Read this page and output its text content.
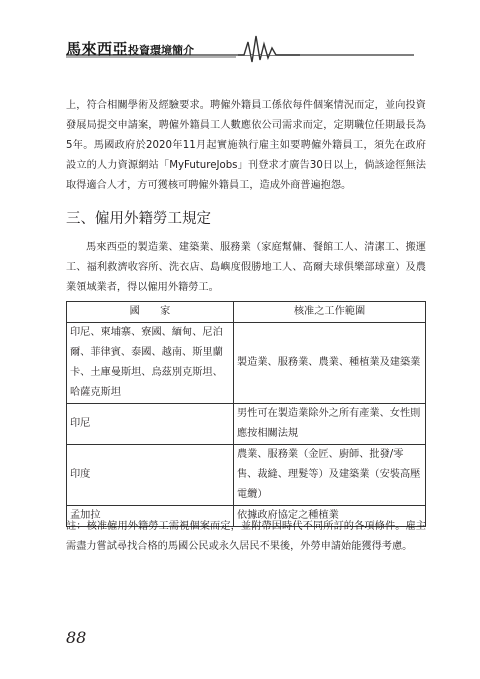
馬來西亞投資環境簡介

上，符合相關學術及經驗要求。聘僱外籍員工係依每件個案情況而定，並向投資發展局提交申請案，聘僱外籍員工人數應依公司需求而定，定期職位任期最長為5年。馬國政府於2020年11月起實施執行雇主如要聘僱外籍員工，須先在政府設立的人力資源網站「MyFutureJobs」刊登求才廣告30日以上，倘該途徑無法取得適合人才，方可獲核可聘僱外籍員工，造成外商普遍抱怨。

三、僱用外籍勞工規定

馬來西亞的製造業、建築業、服務業（家庭幫傭、餐館工人、清潔工、搬運工、福利救濟收容所、洗衣店、島嶼度假勝地工人、高爾夫球俱樂部球童）及農業領域業者，得以僱用外籍勞工。

國　　家	核准之工作範圍
印尼、柬埔寨、寮國、緬甸、尼泊爾、菲律賓、泰國、越南、斯里蘭卡、土庫曼斯坦、烏茲別克斯坦、哈薩克斯坦	製造業、服務業、農業、種植業及建築業
印尼	男性可在製造業除外之所有產業、女性則應按相關法規
印度	農業、服務業（金匠、廚師、批發/零售、裁縫、理髮等）及建築業（安裝高壓電纜）
孟加拉	依據政府協定之種植業

註：核准僱用外籍勞工需視個案而定，並附帶因時代不同所訂的各項條件。雇主需盡力嘗試尋找合格的馬國公民或永久居民不果後，外勞申請始能獲得考慮。

88
